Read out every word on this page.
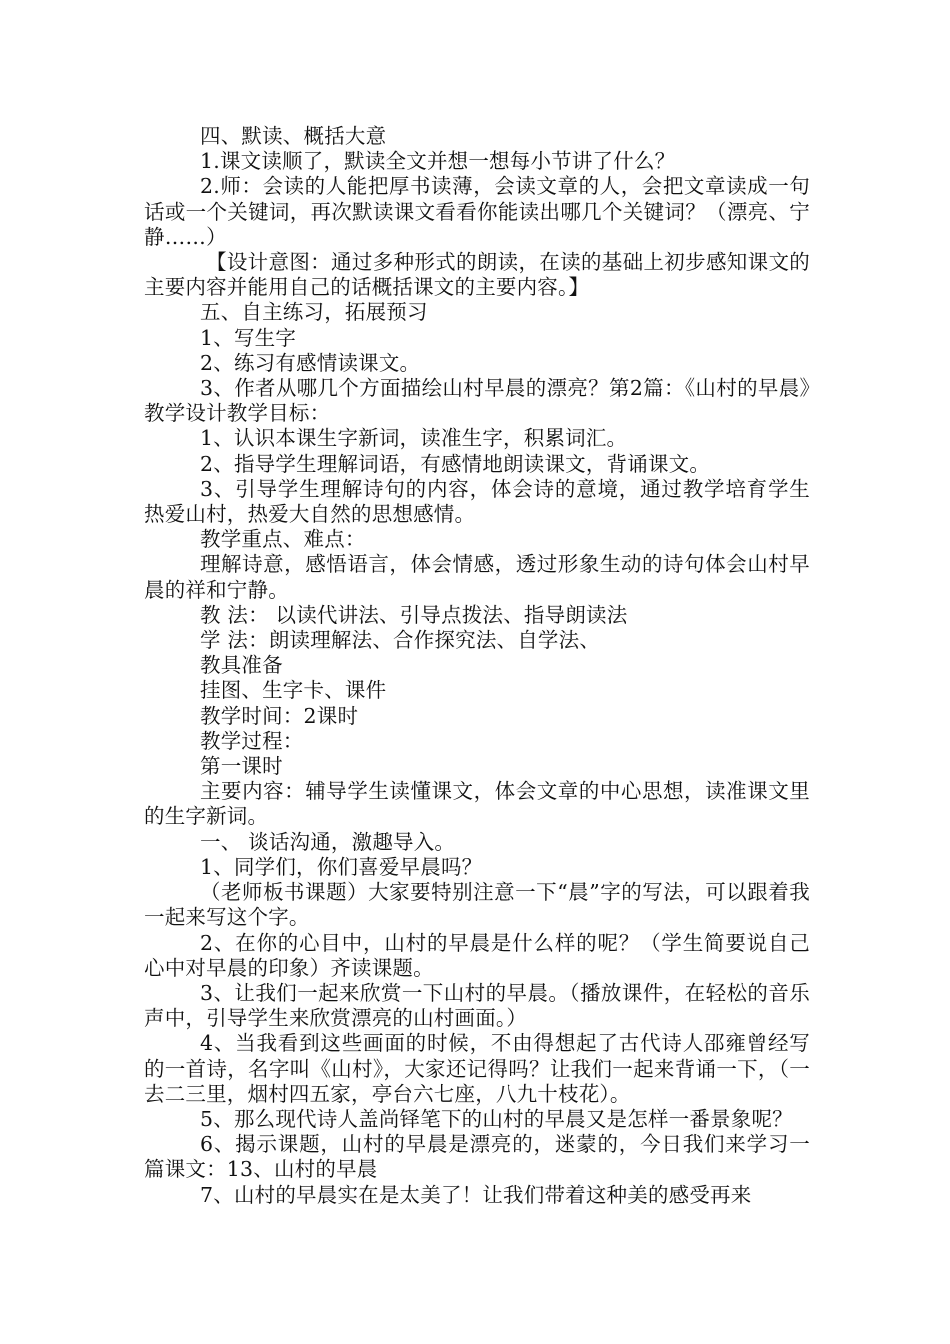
四、默读、概括大意

1.课文读顺了，默读全文并想一想每小节讲了什么？

2.师：会读的人能把厚书读薄，会读文章的人，会把文章读成一句话或一个关键词，再次默读课文看看你能读出哪几个关键词？（漂亮、宁静……）

【设计意图：通过多种形式的朗读，在读的基础上初步感知课文的主要内容并能用自己的话概括课文的主要内容。】

五、自主练习，拓展预习

1、写生字

2、练习有感情读课文。

3、作者从哪几个方面描绘山村早晨的漂亮？第2篇：《山村的早晨》教学设计教学目标：

1、认识本课生字新词，读准生字，积累词汇。

2、指导学生理解词语，有感情地朗读课文，背诵课文。

3、引导学生理解诗句的内容，体会诗的意境，通过教学培育学生热爱山村，热爱大自然的思想感情。

教学重点、难点：

理解诗意，感悟语言，体会情感，透过形象生动的诗句体会山村早晨的祥和宁静。

教 法： 以读代讲法、引导点拨法、指导朗读法

学 法：朗读理解法、合作探究法、自学法、

教具准备

挂图、生字卡、课件

教学时间：2课时

教学过程：

第一课时

主要内容：辅导学生读懂课文，体会文章的中心思想，读准课文里的生字新词。

一、 谈话沟通，激趣导入。

1、同学们，你们喜爱早晨吗？

（老师板书课题）大家要特别注意一下“晨”字的写法，可以跟着我一起来写这个字。

2、在你的心目中，山村的早晨是什么样的呢？（学生简要说自己心中对早晨的印象）齐读课题。

3、让我们一起来欣赏一下山村的早晨。（播放课件，在轻松的音乐声中，引导学生来欣赏漂亮的山村画面。）

4、当我看到这些画面的时候，不由得想起了古代诗人邵雍曾经写的一首诗，名字叫《山村》，大家还记得吗？让我们一起来背诵一下，（一去二三里，烟村四五家，亭台六七座，八九十枝花）。

5、那么现代诗人盖尚铎笔下的山村的早晨又是怎样一番景象呢？

6、揭示课题，山村的早晨是漂亮的，迷蒙的，今日我们来学习一篇课文：13、山村的早晨

7、山村的早晨实在是太美了！让我们带着这种美的感受再来
